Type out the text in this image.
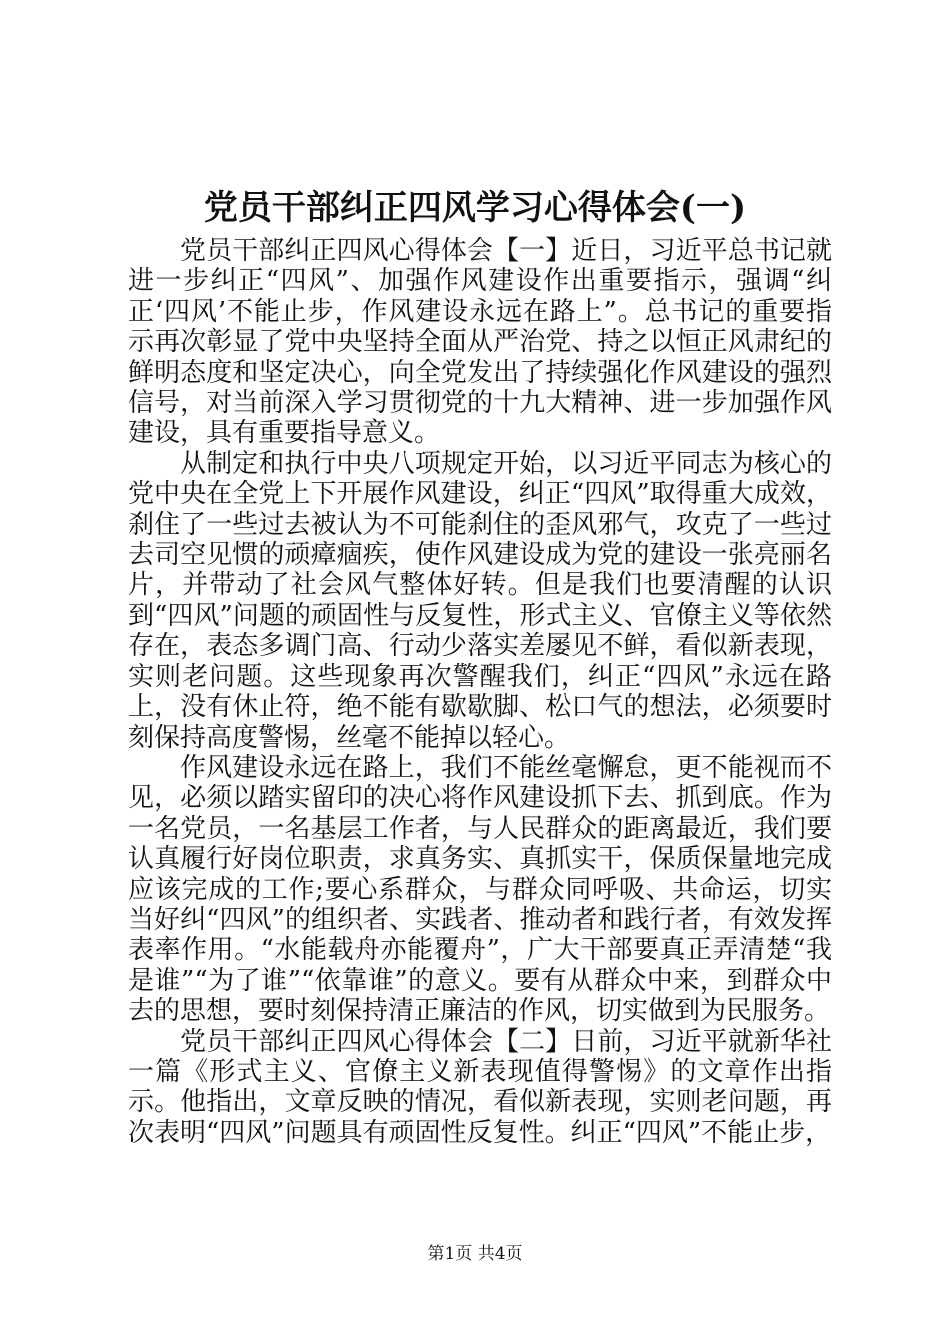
党员干部纠正四风学习心得体会(一)

党员干部纠正四风心得体会【一】近日，习近平总书记就进一步纠正“四风”、加强作风建设作出重要指示，强调“纠正‘四风’不能止步，作风建设永远在路上”。总书记的重要指示再次彰显了党中央坚持全面从严治党、持之以恒正风肃纪的鲜明态度和坚定决心，向全党发出了持续强化作风建设的强烈信号，对当前深入学习贯彻党的十九大精神、进一步加强作风建设，具有重要指导意义。

从制定和执行中央八项规定开始，以习近平同志为核心的党中央在全党上下开展作风建设，纠正“四风”取得重大成效，刹住了一些过去被认为不可能刹住的歪风邪气，攻克了一些过去司空见惯的顽瘴痼疾，使作风建设成为党的建设一张亮丽名片，并带动了社会风气整体好转。但是我们也要清醒的认识到“四风”问题的顽固性与反复性，形式主义、官僚主义等依然存在，表态多调门高、行动少落实差屡见不鲜，看似新表现，实则老问题。这些现象再次警醒我们，纠正“四风”永远在路上，没有休止符，绝不能有歇歇脚、松口气的想法，必须要时刻保持高度警惕，丝毫不能掉以轻心。

作风建设永远在路上，我们不能丝毫懈怠，更不能视而不见，必须以踏实留印的决心将作风建设抓下去、抓到底。作为一名党员，一名基层工作者，与人民群众的距离最近，我们要认真履行好岗位职责，求真务实、真抓实干，保质保量地完成应该完成的工作;要心系群众，与群众同呼吸、共命运，切实当好纠“四风”的组织者、实践者、推动者和践行者，有效发挥表率作用。“水能载舟亦能覆舟”，广大干部要真正弄清楚“我是谁”“为了谁”“依靠谁”的意义。要有从群众中来，到群众中去的思想，要时刻保持清正廉洁的作风，切实做到为民服务。

党员干部纠正四风心得体会【二】日前，习近平就新华社一篇《形式主义、官僚主义新表现值得警惕》的文章作出指示。他指出，文章反映的情况，看似新表现，实则老问题，再次表明“四风”问题具有顽固性反复性。纠正“四风”不能止步，

第1页 共4页
